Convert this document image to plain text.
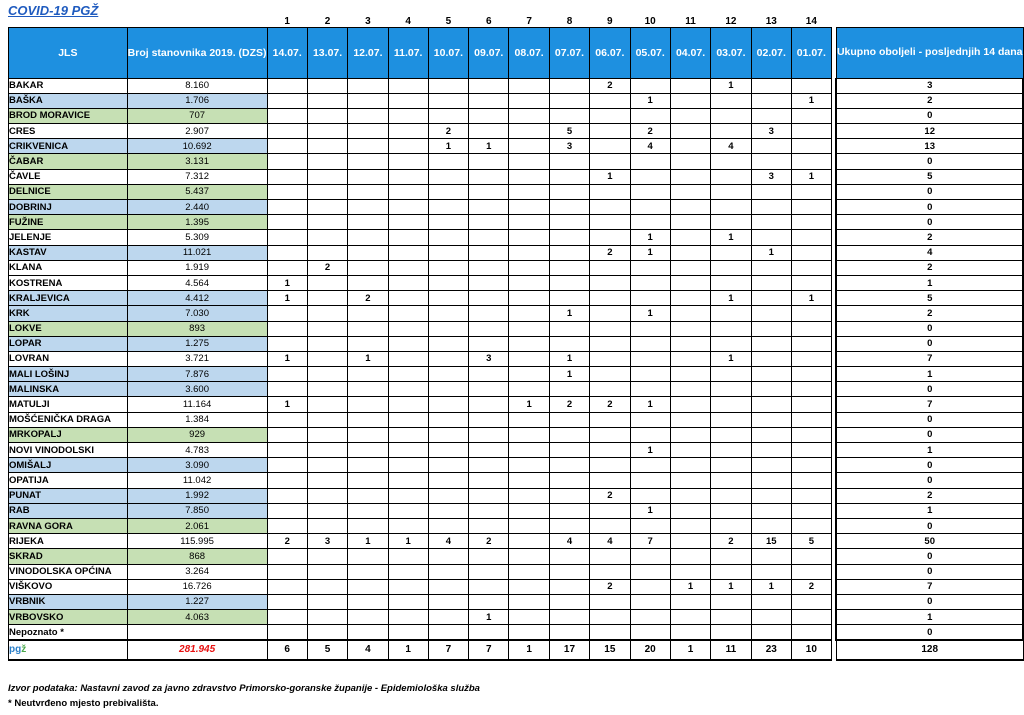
COVID-19 PGŽ
		1	2	3	4	5	6	7	8	9	10	11	12	13	14		
JLS	Broj stanovnika 2019. (DZS)	14.07.	13.07.	12.07.	11.07.	10.07.	09.07.	08.07.	07.07.	06.07.	05.07.	04.07.	03.07.	02.07.	01.07.		Ukupno oboljeli - posljednjih 14 dana
BAKAR	8.160									2			1				3
BAŠKA	1.706										1				1		2
BROD MORAVICE	707																0
CRES	2.907					2			5		2			3			12
CRIKVENICA	10.692					1	1		3		4		4				13
ČABAR	3.131																0
ČAVLE	7.312									1				3	1		5
DELNICE	5.437																0
DOBRINJ	2.440																0
FUŽINE	1.395																0
JELENJE	5.309										1		1				2
KASTAV	11.021									2	1			1			4
KLANA	1.919		2														2
KOSTRENA	4.564	1															1
KRALJEVICA	4.412	1		2									1		1		5
KRK	7.030								1		1						2
LOKVE	893																0
LOPAR	1.275																0
LOVRAN	3.721	1		1			3		1				1				7
MALI LOŠINJ	7.876								1								1
MALINSKA	3.600																0
MATULJI	11.164	1						1	2	2	1						7
MOŠĆENIČKA DRAGA	1.384																0
MRKOPALJ	929																0
NOVI VINODOLSKI	4.783										1						1
OMIŠALJ	3.090																0
OPATIJA	11.042																0
PUNAT	1.992									2							2
RAB	7.850										1						1
RAVNA GORA	2.061																0
RIJEKA	115.995	2	3	1	1	4	2		4	4	7		2	15	5		50
SKRAD	868																0
VINODOLSKA OPĆINA	3.264																0
VIŠKOVO	16.726									2		1	1	1	2		7
VRBNIK	1.227																0
VRBOVSKO	4.063						1										1
Nepoznato *																	0
pgž	281.945	6	5	4	1	7	7	1	17	15	20	1	11	23	10		128
Izvor podataka: Nastavni zavod za javno zdravstvo Primorsko-goranske županije - Epidemiološka služba
* Neutvrđeno mjesto prebivališta.
